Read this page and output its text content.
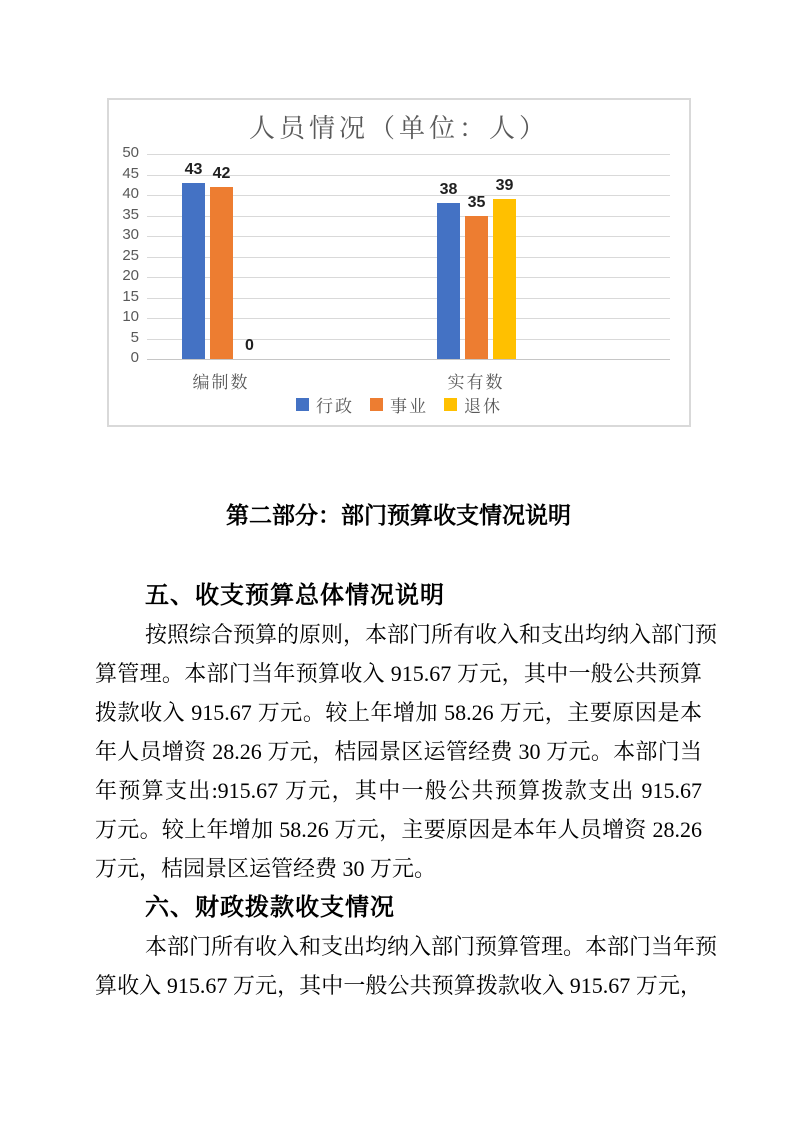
人员情况（单位：人）
0
5
10
15
20
25
30
35
40
45
50
43 42
0
编制数
38
35
39
实有数
行政 事业 退休
第二部分：部门预算收支情况说明
五、收支预算总体情况说明
按照综合预算的原则，本部门所有收入和支出均纳入部门预
算管理。本部门当年预算收入 915.67 万元，其中一般公共预算
拨款收入 915.67 万元。较上年增加 58.26 万元，主要原因是本
年人员增资 28.26 万元，桔园景区运管经费 30 万元。本部门当
年预算支出:915.67 万元，其中一般公共预算拨款支出 915.67
万元。较上年增加 58.26 万元，主要原因是本年人员增资 28.26
万元，桔园景区运管经费 30 万元。
六、财政拨款收支情况
本部门所有收入和支出均纳入部门预算管理。本部门当年预
算收入 915.67 万元，其中一般公共预算拨款收入 915.67 万元，
